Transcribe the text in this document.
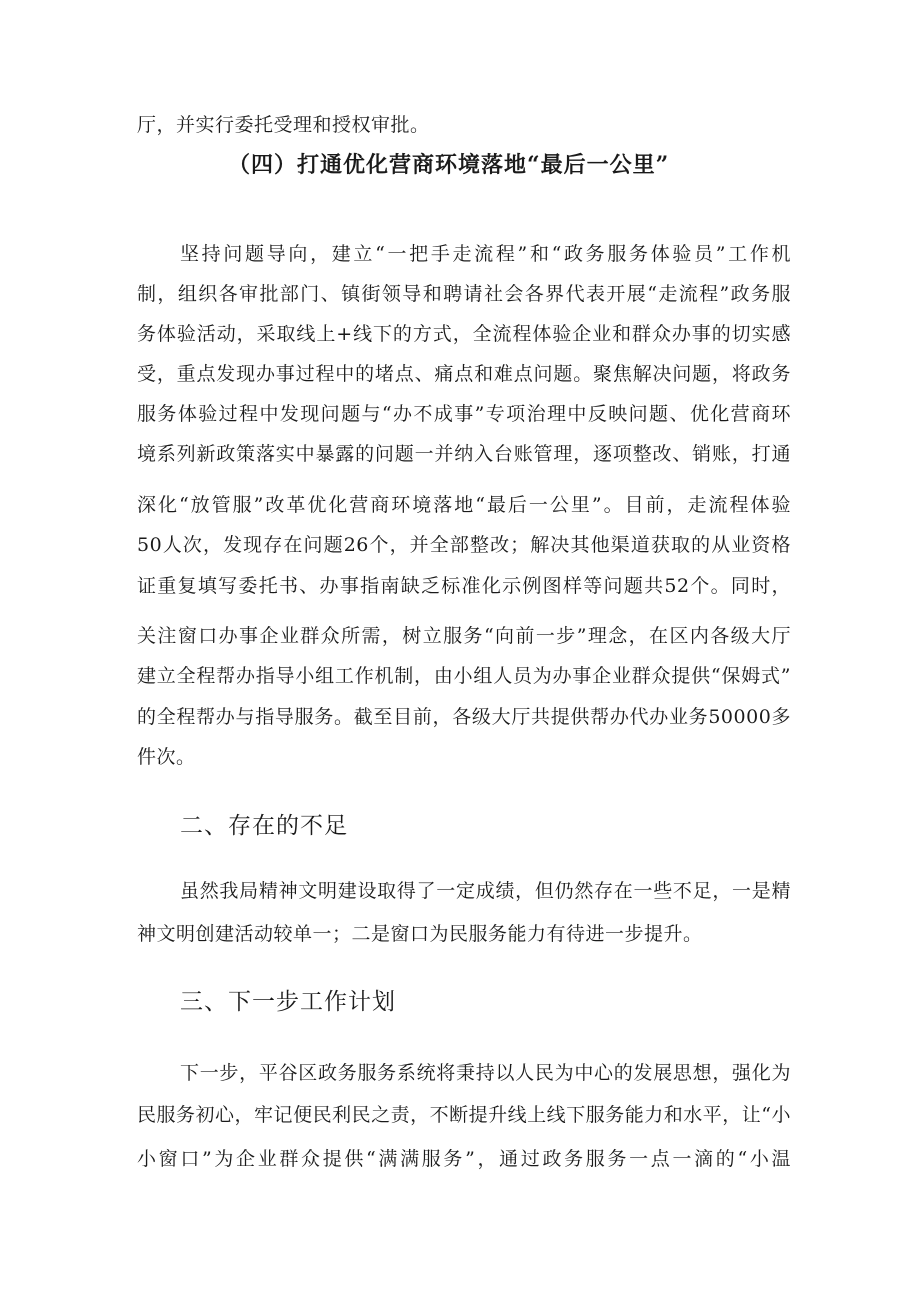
厅，并实行委托受理和授权审批。
（四）打通优化营商环境落地“最后一公里”
坚持问题导向，建立“一把手走流程”和“政务服务体验员”工作机
制，组织各审批部门、镇街领导和聘请社会各界代表开展“走流程”政务服
务体验活动，采取线上+线下的方式，全流程体验企业和群众办事的切实感
受，重点发现办事过程中的堵点、痛点和难点问题。聚焦解决问题，将政务
服务体验过程中发现问题与“办不成事”专项治理中反映问题、优化营商环
境系列新政策落实中暴露的问题一并纳入台账管理，逐项整改、销账，打通
深化“放管服”改革优化营商环境落地“最后一公里”。目前，走流程体验
50人次，发现存在问题26个，并全部整改；解决其他渠道获取的从业资格
证重复填写委托书、办事指南缺乏标准化示例图样等问题共52个。同时，
关注窗口办事企业群众所需，树立服务“向前一步”理念，在区内各级大厅
建立全程帮办指导小组工作机制，由小组人员为办事企业群众提供“保姆式”
的全程帮办与指导服务。截至目前，各级大厅共提供帮办代办业务50000多
件次。
二、存在的不足
虽然我局精神文明建设取得了一定成绩，但仍然存在一些不足，一是精
神文明创建活动较单一；二是窗口为民服务能力有待进一步提升。
三、下一步工作计划
下一步，平谷区政务服务系统将秉持以人民为中心的发展思想，强化为
民服务初心，牢记便民利民之责，不断提升线上线下服务能力和水平，让“小
小窗口”为企业群众提供“满满服务”，通过政务服务一点一滴的“小温
